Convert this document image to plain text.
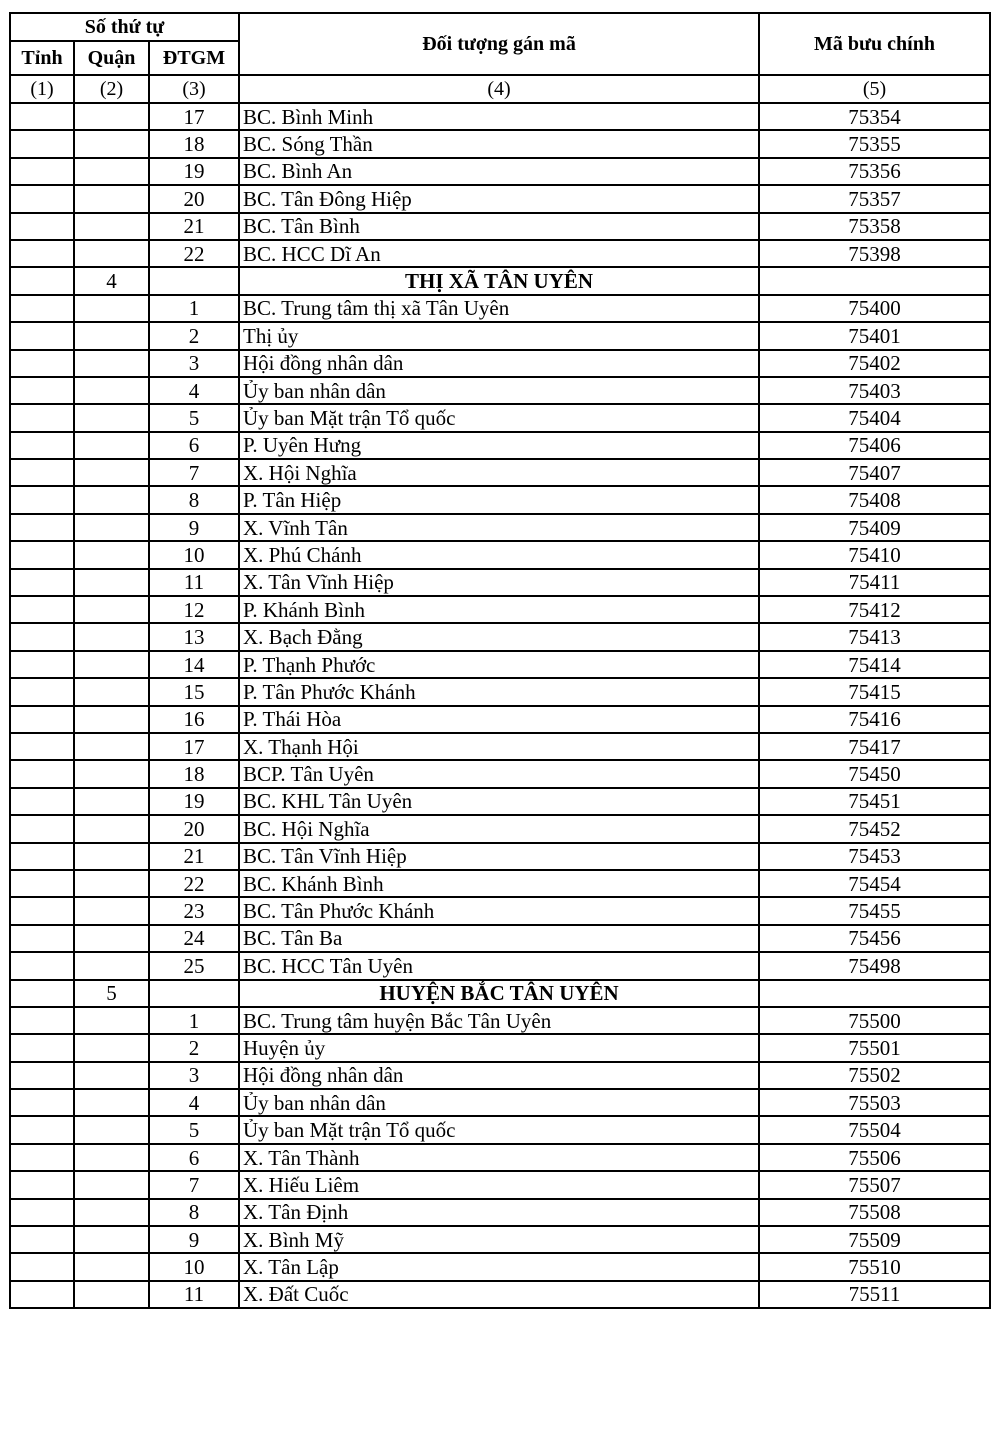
Số thứ tự			Đối tượng gán mã	Mã bưu chính
Tỉnh	Quận	ĐTGM		
(1)	(2)	(3)	(4)	(5)
		17	BC. Bình Minh	75354
		18	BC. Sóng Thần	75355
		19	BC. Bình An	75356
		20	BC. Tân Đông Hiệp	75357
		21	BC. Tân Bình	75358
		22	BC. HCC Dĩ An	75398
	4		THỊ XÃ TÂN UYÊN	
		1	BC. Trung tâm thị xã Tân Uyên	75400
		2	Thị ủy	75401
		3	Hội đồng nhân dân	75402
		4	Ủy ban nhân dân	75403
		5	Ủy ban Mặt trận Tổ quốc	75404
		6	P. Uyên Hưng	75406
		7	X. Hội Nghĩa	75407
		8	P. Tân Hiệp	75408
		9	X. Vĩnh Tân	75409
		10	X. Phú Chánh	75410
		11	X. Tân Vĩnh Hiệp	75411
		12	P. Khánh Bình	75412
		13	X. Bạch Đằng	75413
		14	P. Thạnh Phước	75414
		15	P. Tân Phước Khánh	75415
		16	P. Thái Hòa	75416
		17	X. Thạnh Hội	75417
		18	BCP. Tân Uyên	75450
		19	BC. KHL Tân Uyên	75451
		20	BC. Hội Nghĩa	75452
		21	BC. Tân Vĩnh Hiệp	75453
		22	BC. Khánh Bình	75454
		23	BC. Tân Phước Khánh	75455
		24	BC. Tân Ba	75456
		25	BC. HCC Tân Uyên	75498
	5		HUYỆN BẮC TÂN UYÊN	
		1	BC. Trung tâm huyện Bắc Tân Uyên	75500
		2	Huyện ủy	75501
		3	Hội đồng nhân dân	75502
		4	Ủy ban nhân dân	75503
		5	Ủy ban Mặt trận Tổ quốc	75504
		6	X. Tân Thành	75506
		7	X. Hiếu Liêm	75507
		8	X. Tân Định	75508
		9	X. Bình Mỹ	75509
		10	X. Tân Lập	75510
		11	X. Đất Cuốc	75511
